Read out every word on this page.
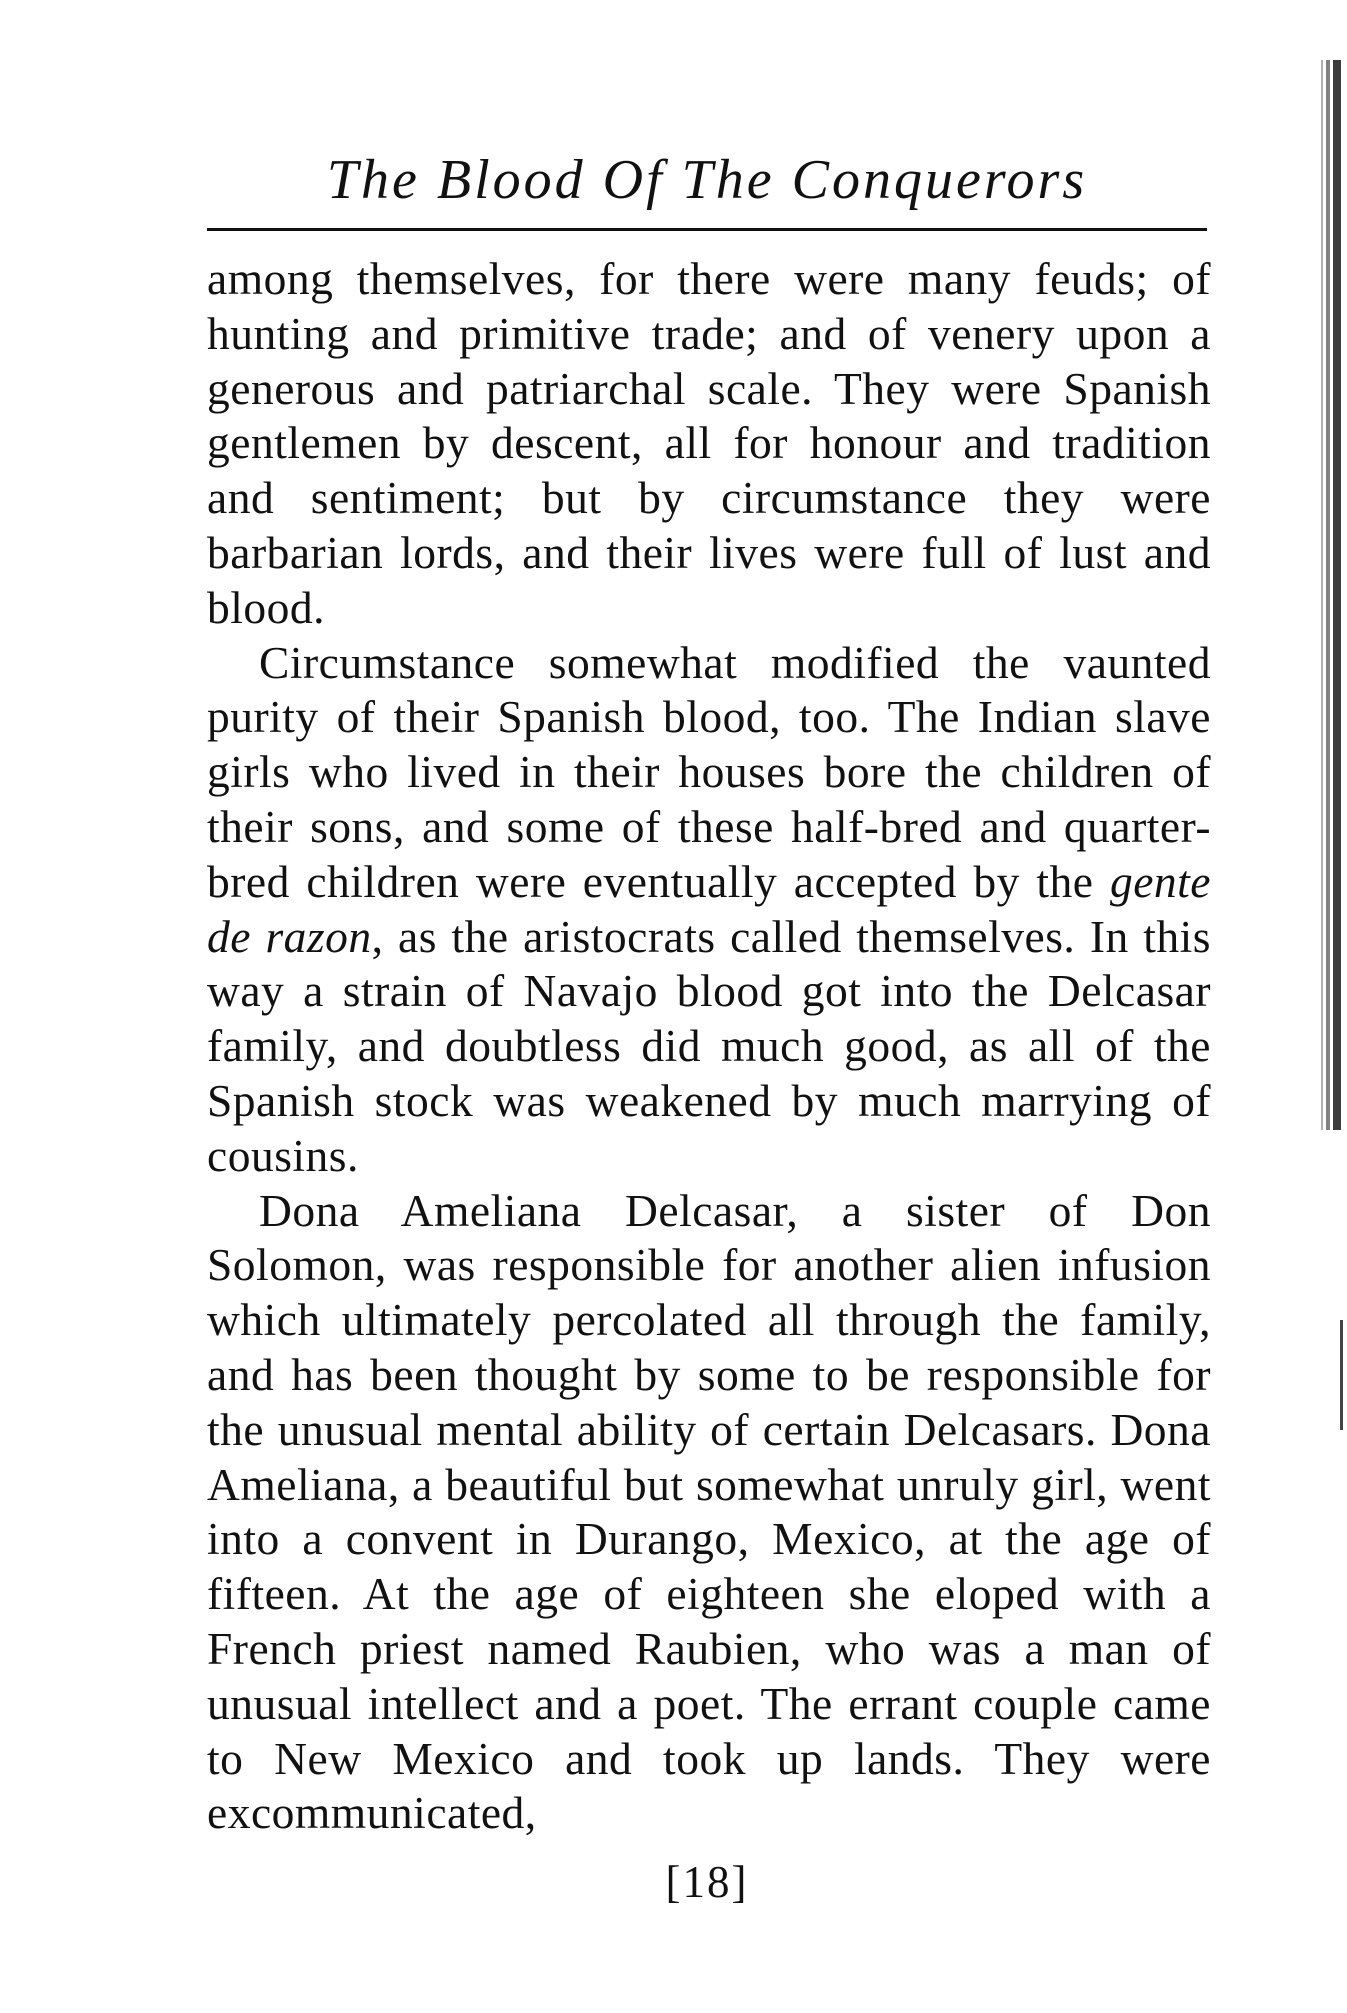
The Blood Of The Conquerors

among themselves, for there were many feuds; of hunting and primitive trade; and of venery upon a generous and patriarchal scale. They were Spanish gentlemen by descent, all for honour and tradition and sentiment; but by circumstance they were barbarian lords, and their lives were full of lust and blood.

Circumstance somewhat modified the vaunted purity of their Spanish blood, too. The Indian slave girls who lived in their houses bore the children of their sons, and some of these half-bred and quarter-bred children were eventually accepted by the gente de razon, as the aristocrats called themselves. In this way a strain of Navajo blood got into the Delcasar family, and doubtless did much good, as all of the Spanish stock was weakened by much marrying of cousins.

Dona Ameliana Delcasar, a sister of Don Solomon, was responsible for another alien infusion which ultimately percolated all through the family, and has been thought by some to be responsible for the unusual mental ability of certain Delcasars. Dona Ameliana, a beautiful but somewhat unruly girl, went into a convent in Durango, Mexico, at the age of fifteen. At the age of eighteen she eloped with a French priest named Raubien, who was a man of unusual intellect and a poet. The errant couple came to New Mexico and took up lands. They were excommunicated,

[18]
